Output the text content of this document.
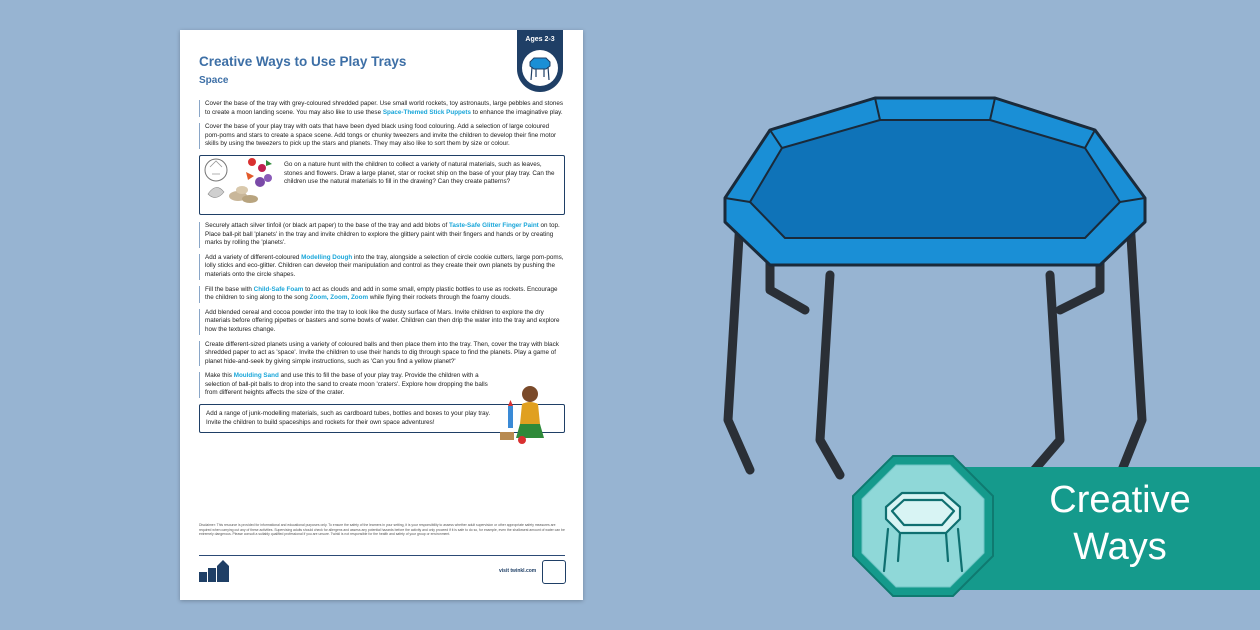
Creative Ways to Use Play Trays
Space
Ages 2-3

Cover the base of the tray with grey-coloured shredded paper. Use small world rockets, toy astronauts, large pebbles and stones to create a moon landing scene. You may also like to use these Space-Themed Stick Puppets to enhance the imaginative play.

Cover the base of your play tray with oats that have been dyed black using food colouring. Add a selection of large coloured pom-poms and stars to create a space scene. Add tongs or chunky tweezers and invite the children to develop their fine motor skills by using the tweezers to pick up the stars and planets. They may also like to sort them by size or colour.

Go on a nature hunt with the children to collect a variety of natural materials, such as leaves, stones and flowers. Draw a large planet, star or rocket ship on the base of your play tray. Can the children use the natural materials to fill in the drawing? Can they create patterns?

Securely attach silver tinfoil (or black art paper) to the base of the tray and add blobs of Taste-Safe Glitter Finger Paint on top. Place ball-pit ball 'planets' in the tray and invite children to explore the glittery paint with their fingers and hands or by creating marks by rolling the 'planets'.

Add a variety of different-coloured Modelling Dough into the tray, alongside a selection of circle cookie cutters, large pom-poms, lolly sticks and eco-glitter. Children can develop their manipulation and control as they create their own planets by pushing the materials onto the circle shapes.

Fill the base with Child-Safe Foam to act as clouds and add in some small, empty plastic bottles to use as rockets. Encourage the children to sing along to the song Zoom, Zoom, Zoom while flying their rockets through the foamy clouds.

Add blended cereal and cocoa powder into the tray to look like the dusty surface of Mars. Invite children to explore the dry materials before offering pipettes or basters and some bowls of water. Children can then drip the water into the tray and explore how the textures change.

Create different-sized planets using a variety of coloured balls and then place them into the tray. Then, cover the tray with black shredded paper to act as 'space'. Invite the children to use their hands to dig through space to find the planets. Play a game of planet hide-and-seek by giving simple instructions, such as 'Can you find a yellow planet?'

Make this Moulding Sand and use this to fill the base of your play tray. Provide the children with a selection of ball-pit balls to drop into the sand to create moon 'craters'. Explore how dropping the balls from different heights affects the size of the crater.

Add a range of junk-modelling materials, such as cardboard tubes, bottles and boxes to your play tray. Invite the children to build spaceships and rockets for their own space adventures!

Disclaimer: This resource is provided for informational and educational purposes only. To ensure the safety of the learners in your setting, it is your responsibility to assess whether adult supervision or other appropriate safety measures are required when carrying out any of these activities. Supervising adults should check for allergens and assess any potential hazards before the activity and only proceed if it is safe to do so, for example, even the shallowest amount of water can be extremely dangerous. Please consult a suitably qualified professional if you are unsure. Twinkl is not responsible for the health and safety of your group or environment.

visit twinkl.com
Creative
Ways
